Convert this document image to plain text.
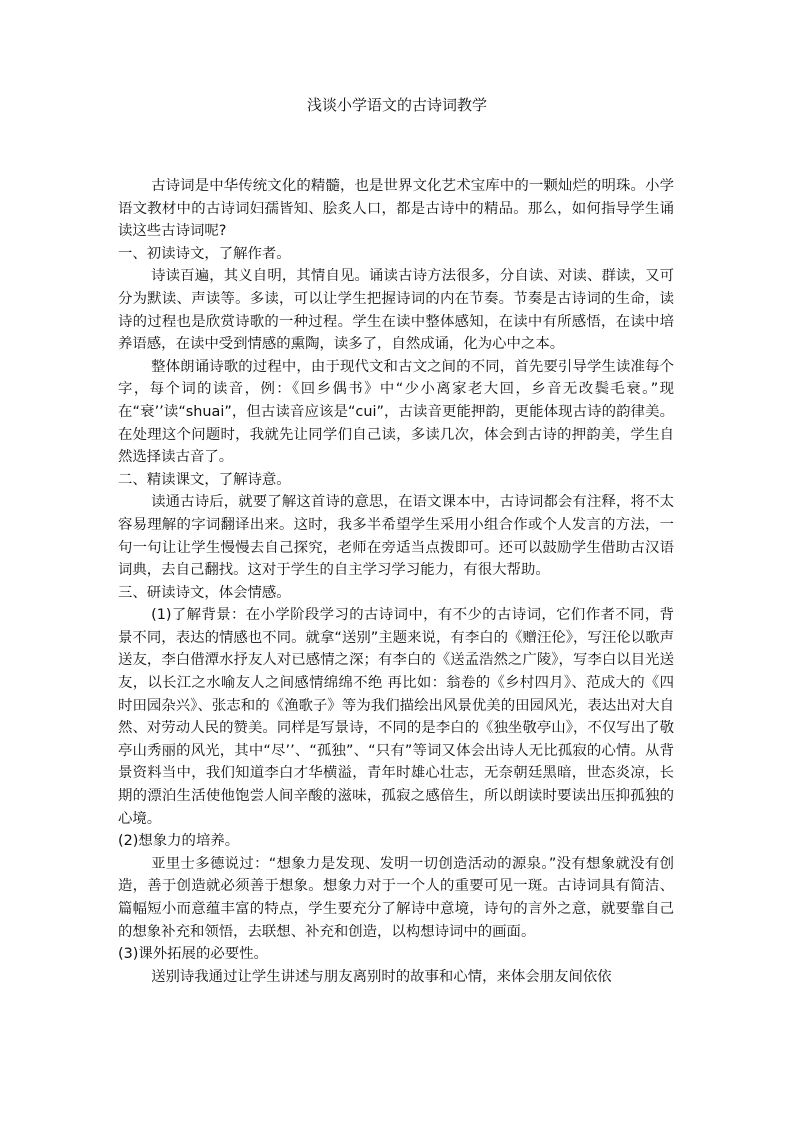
浅谈小学语文的古诗词教学

古诗词是中华传统文化的精髓，也是世界文化艺术宝库中的一颗灿烂的明珠。小学语文教材中的古诗词妇孺皆知、脍炙人口，都是古诗中的精品。那么，如何指导学生诵读这些古诗词呢?

一、初读诗文，了解作者。

诗读百遍，其义自明，其情自见。诵读古诗方法很多，分自读、对读、群读，又可分为默读、声读等。多读，可以让学生把握诗词的内在节奏。节奏是古诗词的生命，读诗的过程也是欣赏诗歌的一种过程。学生在读中整体感知，在读中有所感悟，在读中培养语感，在读中受到情感的熏陶，读多了，自然成诵，化为心中之本。

整体朗诵诗歌的过程中，由于现代文和古文之间的不同，首先要引导学生读准每个字，每个词的读音，例：《回乡偶书》中“少小离家老大回，乡音无改鬓毛衰。”现在“衰’’读“shuai”，但古读音应该是“cui”，古读音更能押韵，更能体现古诗的韵律美。在处理这个问题时，我就先让同学们自己读，多读几次，体会到古诗的押韵美，学生自然选择读古音了。

二、精读课文，了解诗意。

读通古诗后，就要了解这首诗的意思，在语文课本中，古诗词都会有注释，将不太容易理解的字词翻译出来。这时，我多半希望学生采用小组合作或个人发言的方法，一句一句让让学生慢慢去自己探究，老师在旁适当点拨即可。还可以鼓励学生借助古汉语词典，去自己翻找。这对于学生的自主学习学习能力，有很大帮助。

三、研读诗文，体会情感。

(1)了解背景：在小学阶段学习的古诗词中，有不少的古诗词，它们作者不同，背景不同，表达的情感也不同。就拿“送别”主题来说，有李白的《赠汪伦》，写汪伦以歌声送友，李白借潭水抒友人对已感情之深；有李白的《送孟浩然之广陵》，写李白以目光送友，以长江之水喻友人之间感情绵绵不绝 再比如：翁卷的《乡村四月》、范成大的《四时田园杂兴》、张志和的《渔歌子》等为我们描绘出风景优美的田园风光，表达出对大自然、对劳动人民的赞美。同样是写景诗，不同的是李白的《独坐敬亭山》，不仅写出了敬亭山秀丽的风光，其中“尽’’、“孤独”、“只有”等词又体会出诗人无比孤寂的心情。从背景资料当中，我们知道李白才华横溢，青年时雄心壮志，无奈朝廷黑暗，世态炎凉，长期的漂泊生活使他饱尝人间辛酸的滋味，孤寂之感倍生，所以朗读时要读出压抑孤独的心境。

(2)想象力的培养。

亚里士多德说过：“想象力是发现、发明一切创造活动的源泉。”没有想象就没有创造，善于创造就必须善于想象。想象力对于一个人的重要可见一斑。古诗词具有简洁、篇幅短小而意蕴丰富的特点，学生要充分了解诗中意境，诗句的言外之意，就要靠自己的想象补充和领悟，去联想、补充和创造，以构想诗词中的画面。

(3)课外拓展的必要性。

送别诗我通过让学生讲述与朋友离别时的故事和心情，来体会朋友间依依
